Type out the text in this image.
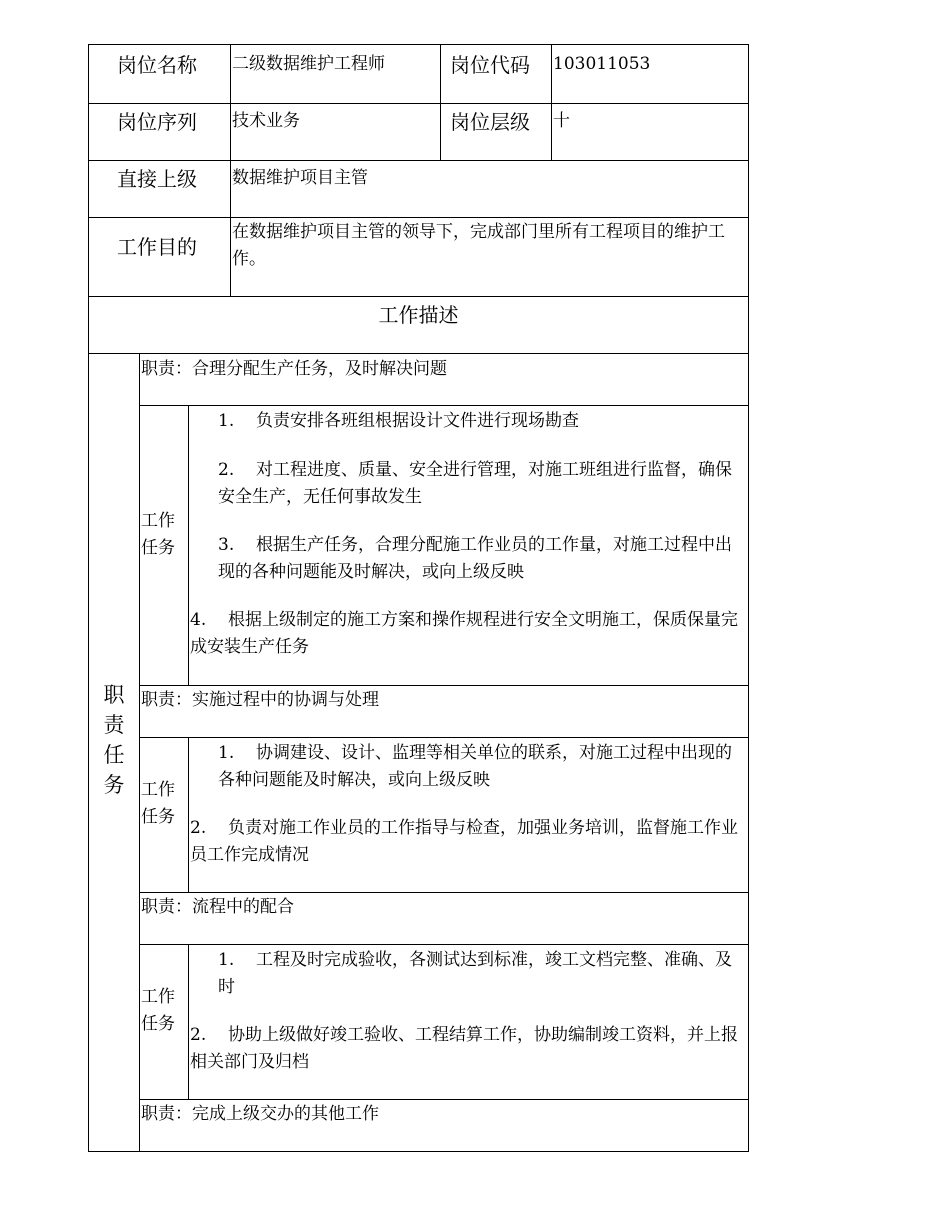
岗位名称 二级数据维护工程师	岗位代码 103011053
岗位序列 技术业务	岗位层级 十
直接上级 数据维护项目主管
工作目的
在数据维护项目主管的领导下，完成部门里所有工程项目的维护工作。
工作描述
职责任务
职责：合理分配生产任务，及时解决问题
工作任务
1. 负责安排各班组根据设计文件进行现场勘查
2. 对工程进度、质量、安全进行管理，对施工班组进行监督，确保安全生产，无任何事故发生
3. 根据生产任务，合理分配施工作业员的工作量，对施工过程中出现的各种问题能及时解决，或向上级反映
4. 根据上级制定的施工方案和操作规程进行安全文明施工，保质保量完成安装生产任务
职责：实施过程中的协调与处理
工作任务
1. 协调建设、设计、监理等相关单位的联系，对施工过程中出现的各种问题能及时解决，或向上级反映
2. 负责对施工作业员的工作指导与检查，加强业务培训，监督施工作业员工作完成情况
职责：流程中的配合
工作任务
1. 工程及时完成验收，各测试达到标准，竣工文档完整、准确、及时
2. 协助上级做好竣工验收、工程结算工作，协助编制竣工资料，并上报相关部门及归档
职责：完成上级交办的其他工作
